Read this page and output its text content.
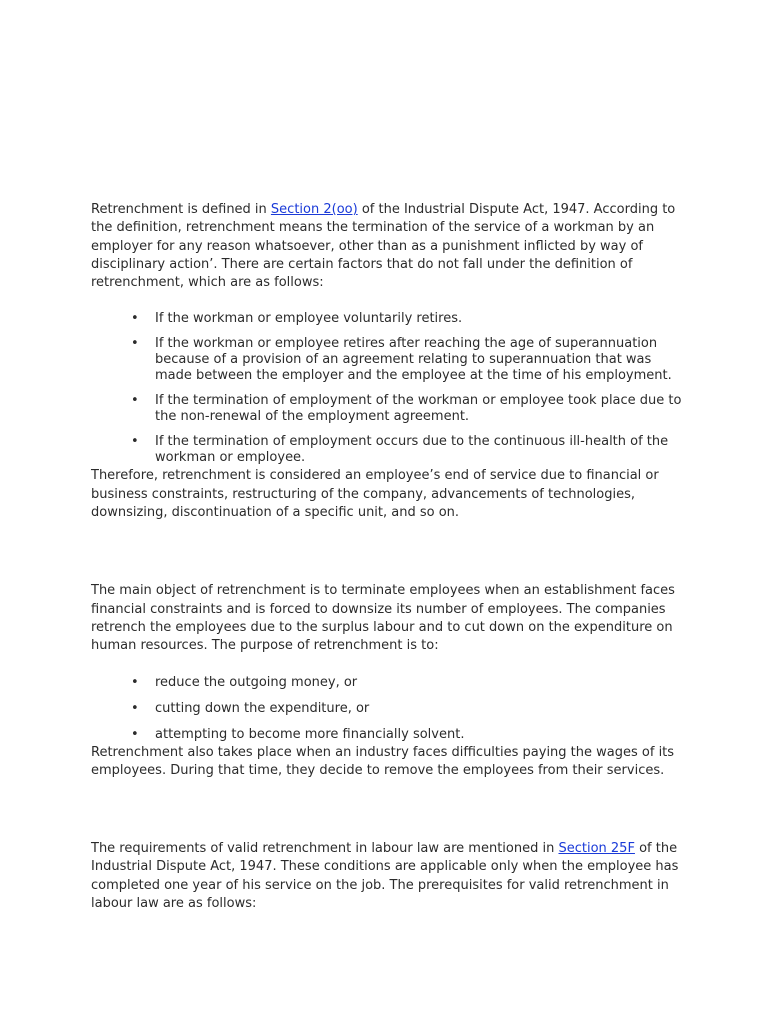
Retrenchment is defined in Section 2(oo) of the Industrial Dispute Act, 1947. According to the definition, retrenchment means the termination of the service of a workman by an employer for any reason whatsoever, other than as a punishment inflicted by way of disciplinary action’. There are certain factors that do not fall under the definition of retrenchment, which are as follows:

• If the workman or employee voluntarily retires.
• If the workman or employee retires after reaching the age of superannuation because of a provision of an agreement relating to superannuation that was made between the employer and the employee at the time of his employment.
• If the termination of employment of the workman or employee took place due to the non-renewal of the employment agreement.
• If the termination of employment occurs due to the continuous ill-health of the workman or employee.

Therefore, retrenchment is considered an employee’s end of service due to financial or business constraints, restructuring of the company, advancements of technologies, downsizing, discontinuation of a specific unit, and so on.

The main object of retrenchment is to terminate employees when an establishment faces financial constraints and is forced to downsize its number of employees. The companies retrench the employees due to the surplus labour and to cut down on the expenditure on human resources. The purpose of retrenchment is to:

• reduce the outgoing money, or
• cutting down the expenditure, or
• attempting to become more financially solvent.

Retrenchment also takes place when an industry faces difficulties paying the wages of its employees. During that time, they decide to remove the employees from their services.

The requirements of valid retrenchment in labour law are mentioned in Section 25F of the Industrial Dispute Act, 1947. These conditions are applicable only when the employee has completed one year of his service on the job. The prerequisites for valid retrenchment in labour law are as follows:
